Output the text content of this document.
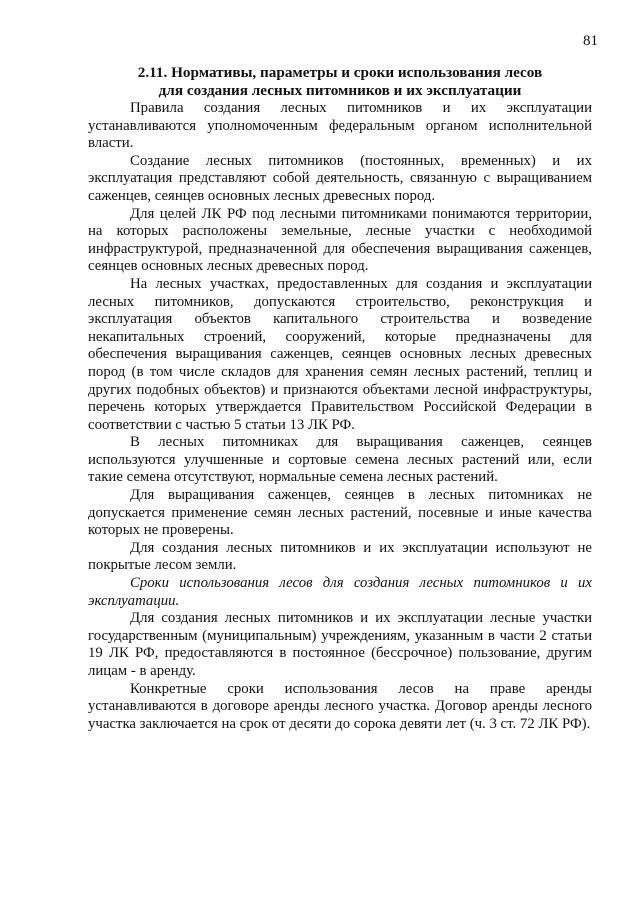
81
2.11. Нормативы, параметры и сроки использования лесов
для создания лесных питомников и их эксплуатации

Правила создания лесных питомников и их эксплуатации устанавливаются уполномоченным федеральным органом исполнительной власти.

Создание лесных питомников (постоянных, временных) и их эксплуатация представляют собой деятельность, связанную с выращиванием саженцев, сеянцев основных лесных древесных пород.

Для целей ЛК РФ под лесными питомниками понимаются территории, на которых расположены земельные, лесные участки с необходимой инфраструктурой, предназначенной для обеспечения выращивания саженцев, сеянцев основных лесных древесных пород.

На лесных участках, предоставленных для создания и эксплуатации лесных питомников, допускаются строительство, реконструкция и эксплуатация объектов капитального строительства и возведение некапитальных строений, сооружений, которые предназначены для обеспечения выращивания саженцев, сеянцев основных лесных древесных пород (в том числе складов для хранения семян лесных растений, теплиц и других подобных объектов) и признаются объектами лесной инфраструктуры, перечень которых утверждается Правительством Российской Федерации в соответствии с частью 5 статьи 13 ЛК РФ.

В лесных питомниках для выращивания саженцев, сеянцев используются улучшенные и сортовые семена лесных растений или, если такие семена отсутствуют, нормальные семена лесных растений.

Для выращивания саженцев, сеянцев в лесных питомниках не допускается применение семян лесных растений, посевные и иные качества которых не проверены.

Для создания лесных питомников и их эксплуатации используют не покрытые лесом земли.

Сроки использования лесов для создания лесных питомников и их эксплуатации.

Для создания лесных питомников и их эксплуатации лесные участки государственным (муниципальным) учреждениям, указанным в части 2 статьи 19 ЛК РФ, предоставляются в постоянное (бессрочное) пользование, другим лицам - в аренду.

Конкретные сроки использования лесов на праве аренды устанавливаются в договоре аренды лесного участка. Договор аренды лесного участка заключается на срок от десяти до сорока девяти лет (ч. 3 ст. 72 ЛК РФ).
